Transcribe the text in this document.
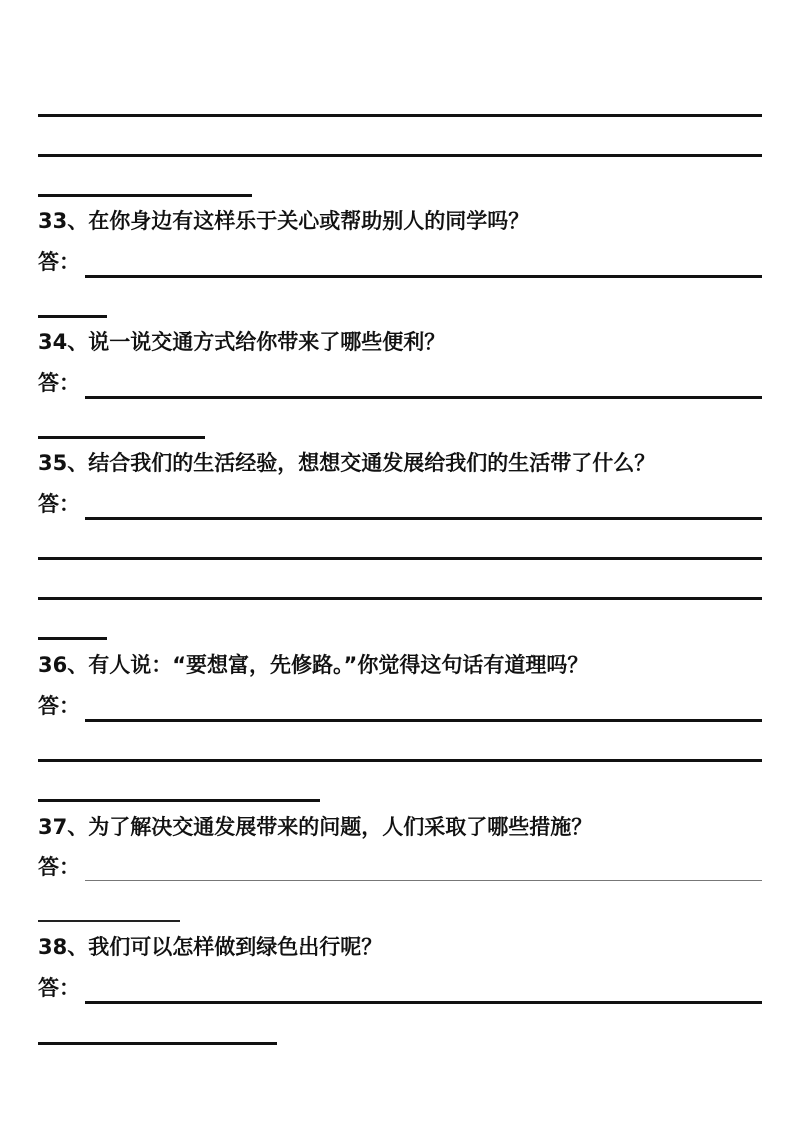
33、在你身边有这样乐于关心或帮助别人的同学吗？
答：
34、说一说交通方式给你带来了哪些便利？
答：
35、结合我们的生活经验，想想交通发展给我们的生活带了什么？
答：
36、有人说：“要想富，先修路。”你觉得这句话有道理吗？
答：
37、为了解决交通发展带来的问题，人们采取了哪些措施？
答：
38、我们可以怎样做到绿色出行呢？
答：
